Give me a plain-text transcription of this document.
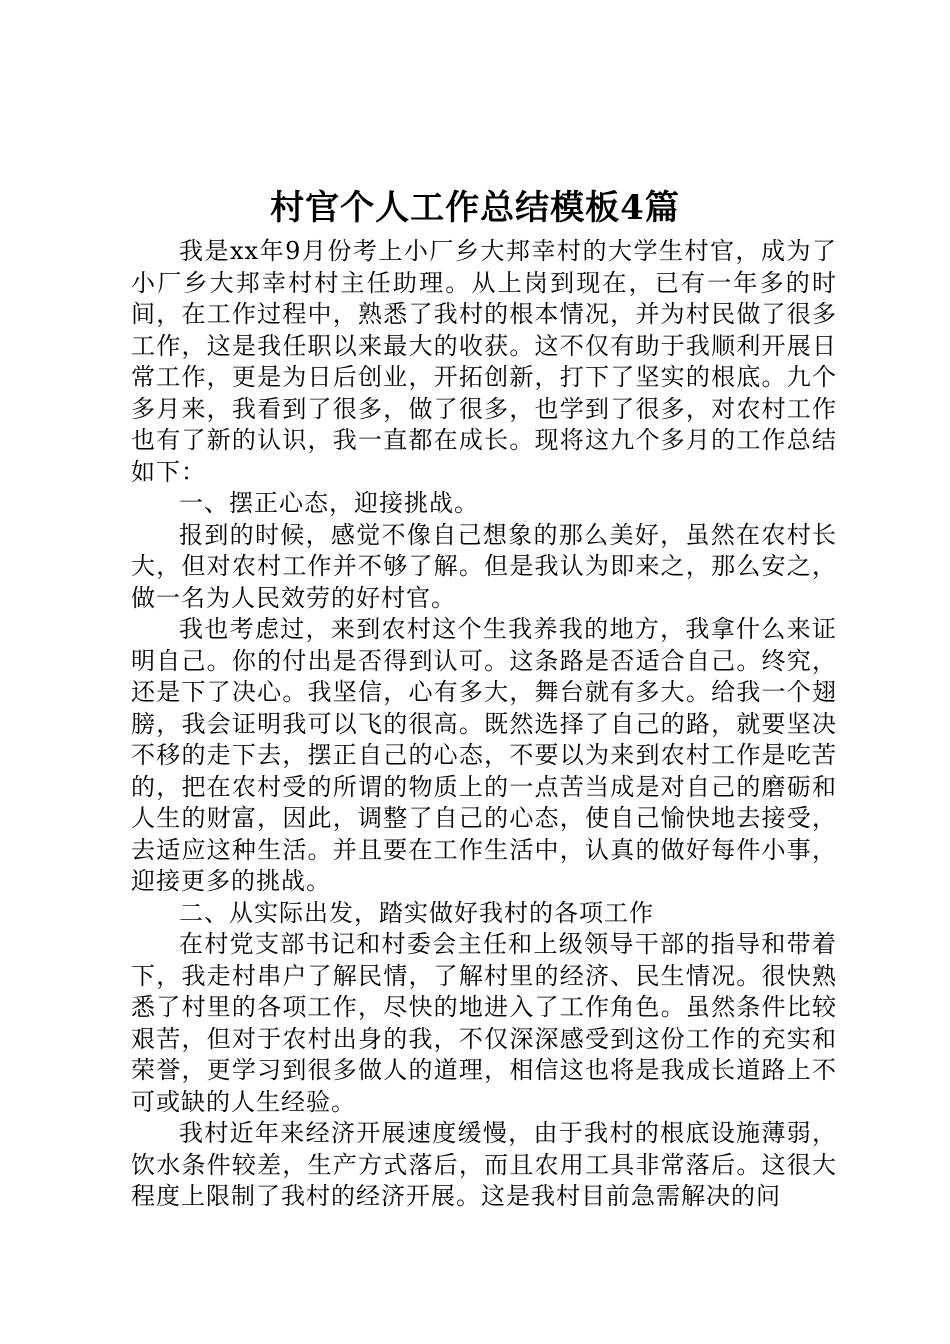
村官个人工作总结模板4篇

我是xx年9月份考上小厂乡大邦幸村的大学生村官，成为了小厂乡大邦幸村村主任助理。从上岗到现在，已有一年多的时间，在工作过程中，熟悉了我村的根本情况，并为村民做了很多工作，这是我任职以来最大的收获。这不仅有助于我顺利开展日常工作，更是为日后创业，开拓创新，打下了坚实的根底。九个多月来，我看到了很多，做了很多，也学到了很多，对农村工作也有了新的认识，我一直都在成长。现将这九个多月的工作总结如下：

一、摆正心态，迎接挑战。

报到的时候，感觉不像自己想象的那么美好，虽然在农村长大，但对农村工作并不够了解。但是我认为即来之，那么安之，做一名为人民效劳的好村官。

我也考虑过，来到农村这个生我养我的地方，我拿什么来证明自己。你的付出是否得到认可。这条路是否适合自己。终究，还是下了决心。我坚信，心有多大，舞台就有多大。给我一个翅膀，我会证明我可以飞的很高。既然选择了自己的路，就要坚决不移的走下去，摆正自己的心态，不要以为来到农村工作是吃苦的，把在农村受的所谓的物质上的一点苦当成是对自己的磨砺和人生的财富，因此，调整了自己的心态，使自己愉快地去接受，去适应这种生活。并且要在工作生活中，认真的做好每件小事，迎接更多的挑战。

二、从实际出发，踏实做好我村的各项工作

在村党支部书记和村委会主任和上级领导干部的指导和带着下，我走村串户了解民情，了解村里的经济、民生情况。很快熟悉了村里的各项工作，尽快的地进入了工作角色。虽然条件比较艰苦，但对于农村出身的我，不仅深深感受到这份工作的充实和荣誉，更学习到很多做人的道理，相信这也将是我成长道路上不可或缺的人生经验。

我村近年来经济开展速度缓慢，由于我村的根底设施薄弱，饮水条件较差，生产方式落后，而且农用工具非常落后。这很大程度上限制了我村的经济开展。这是我村目前急需解决的问
